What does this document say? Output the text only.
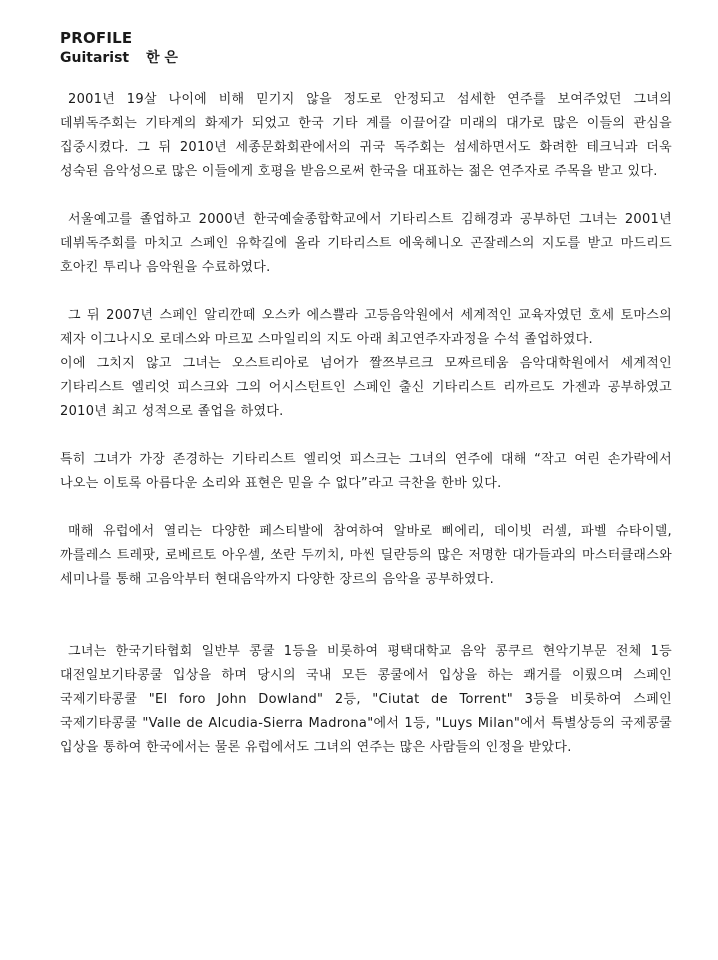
PROFILE
Guitarist 한 은

2001년 19살 나이에 비해 믿기지 않을 정도로 안정되고 섬세한 연주를 보여주었던 그녀의 데뷔독주회는 기타계의 화제가 되었고 한국 기타 계를 이끌어갈 미래의 대가로 많은 이들의 관심을 집중시켰다. 그 뒤 2010년 세종문화회관에서의 귀국 독주회는 섬세하면서도 화려한 테크닉과 더욱 성숙된 음악성으로 많은 이들에게 호평을 받음으로써 한국을 대표하는 젊은 연주자로 주목을 받고 있다.

서울예고를 졸업하고 2000년 한국예술종합학교에서 기타리스트 김해경과 공부하던 그녀는 2001년 데뷔독주회를 마치고 스페인 유학길에 올라 기타리스트 에욱헤니오 곤잘레스의 지도를 받고 마드리드 호아킨 투리나 음악원을 수료하였다.

그 뒤 2007년 스페인 알리깐떼 오스카 에스쁠라 고등음악원에서 세계적인 교육자였던 호세 토마스의 제자 이그나시오 로데스와 마르꼬 스마일리의 지도 아래 최고연주자과정을 수석 졸업하였다.

이에 그치지 않고 그녀는 오스트리아로 넘어가 짤쯔부르크 모짜르테움 음악대학원에서 세계적인 기타리스트 엘리엇 피스크와 그의 어시스턴트인 스페인 출신 기타리스트 리까르도 가젠과 공부하였고 2010년 최고 성적으로 졸업을 하였다.

특히 그녀가 가장 존경하는 기타리스트 엘리엇 피스크는 그녀의 연주에 대해 “작고 여린 손가락에서 나오는 이토록 아름다운 소리와 표현은 믿을 수 없다”라고 극찬을 한바 있다.

매해 유럽에서 열리는 다양한 페스티발에 참여하여 알바로 삐에리, 데이빗 러셀, 파벨 슈타이델, 까를레스 트레팟, 로베르토 아우셀, 쏘란 두끼치, 마씬 딜란등의 많은 저명한 대가들과의 마스터클래스와 세미나를 통해 고음악부터 현대음악까지 다양한 장르의 음악을 공부하였다.

그녀는 한국기타협회 일반부 콩쿨 1등을 비롯하여 평택대학교 음악 콩쿠르 현악기부문 전체 1등 대전일보기타콩쿨 입상을 하며 당시의 국내 모든 콩쿨에서 입상을 하는 쾌거를 이뤘으며 스페인 국제기타콩쿨 "El foro John Dowland" 2등, "Ciutat de Torrent" 3등을 비롯하여 스페인 국제기타콩쿨 "Valle de Alcudia-Sierra Madrona"에서 1등, "Luys Milan"에서 특별상등의 국제콩쿨 입상을 통하여 한국에서는 물론 유럽에서도 그녀의 연주는 많은 사람들의 인정을 받았다.
